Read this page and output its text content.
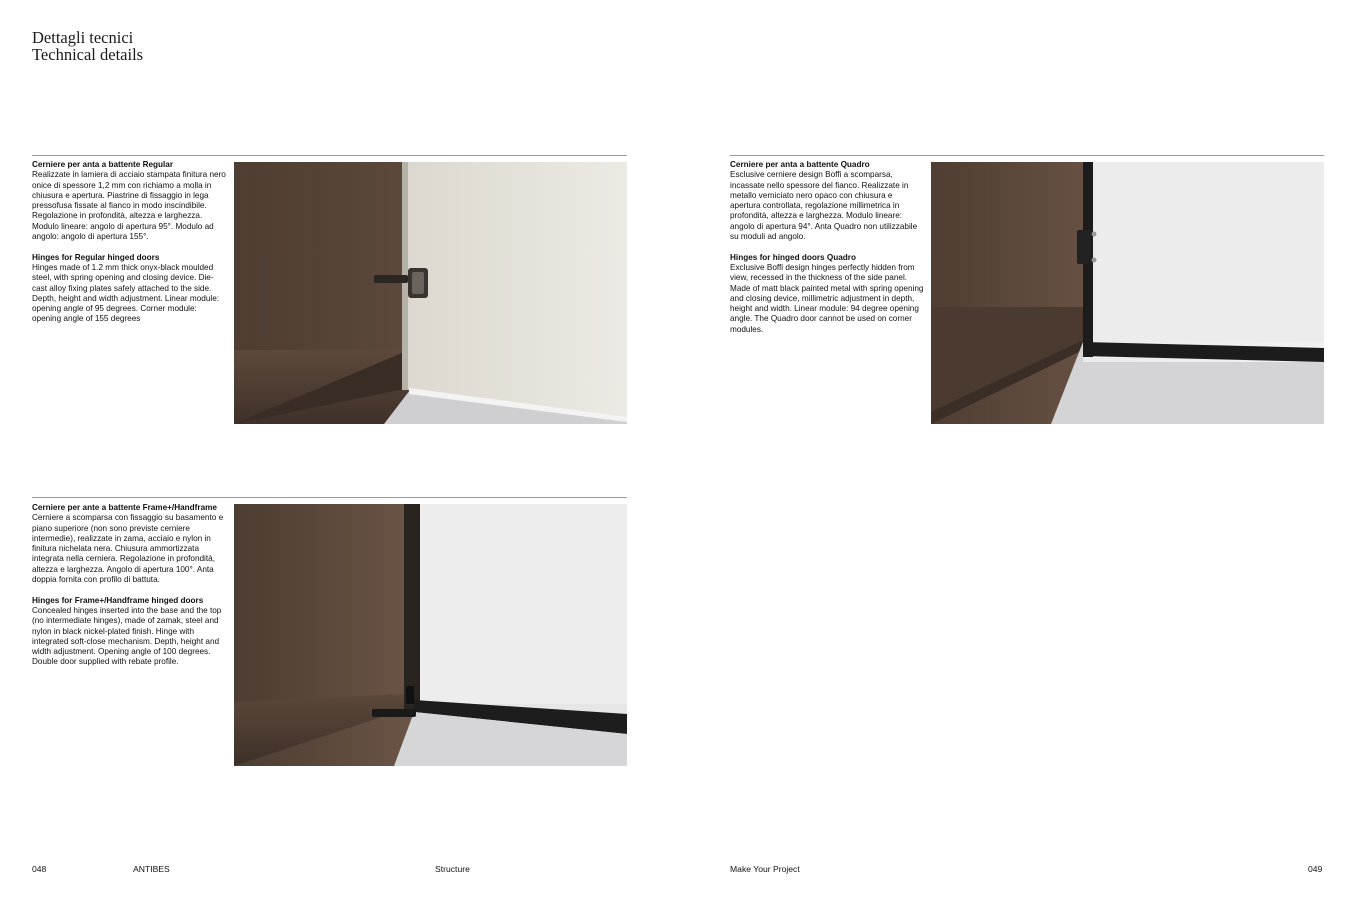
Dettagli tecnici
Technical details

Cerniere per anta a battente Regular

Realizzate in lamiera di acciaio stampata finitura nero onice di spessore 1,2 mm con richiamo a molla in chiusura e apertura. Piastrine di fissaggio in lega pressofusa fissate al fianco in modo inscindibile. Regolazione in profondità, altezza e larghezza. Modulo lineare: angolo di apertura 95°. Modulo ad angolo: angolo di apertura 155°.

Hinges for Regular hinged doors

Hinges made of 1.2 mm thick onyx-black moulded steel, with spring opening and closing device. Die-cast alloy fixing plates safely attached to the side. Depth, height and width adjustment. Linear module: opening angle of 95 degrees. Corner module: opening angle of 155 degrees

Cerniere per anta a battente Quadro

Esclusive cerniere design Boffi a scomparsa, incassate nello spessore del fianco. Realizzate in metallo verniciato nero opaco con chiusura e apertura controllata, regolazione millimetrica in profondità, altezza e larghezza. Modulo lineare: angolo di apertura 94°. Anta Quadro non utilizzabile su moduli ad angolo.

Hinges for hinged doors Quadro

Exclusive Boffi design hinges perfectly hidden from view, recessed in the thickness of the side panel. Made of matt black painted metal with spring opening and closing device, millimetric adjustment in depth, height and width. Linear module: 94 degree opening angle. The Quadro door cannot be used on corner modules.

Cerniere per ante a battente Frame+/Handframe

Cerniere a scomparsa con fissaggio su basamento e piano superiore (non sono previste cerniere intermedie), realizzate in zama, acciaio e nylon in finitura nichelata nera. Chiusura ammortizzata integrata nella cerniera. Regolazione in profondità, altezza e larghezza. Angolo di apertura 100°. Anta doppia fornita con profilo di battuta.

Hinges for Frame+/Handframe hinged doors

Concealed hinges inserted into the base and the top (no intermediate hinges), made of zamak, steel and nylon in black nickel-plated finish. Hinge with integrated soft-close mechanism. Depth, height and width adjustment. Opening angle of 100 degrees. Double door supplied with rebate profile.

048	ANTIBES	Structure	Make Your Project	049
